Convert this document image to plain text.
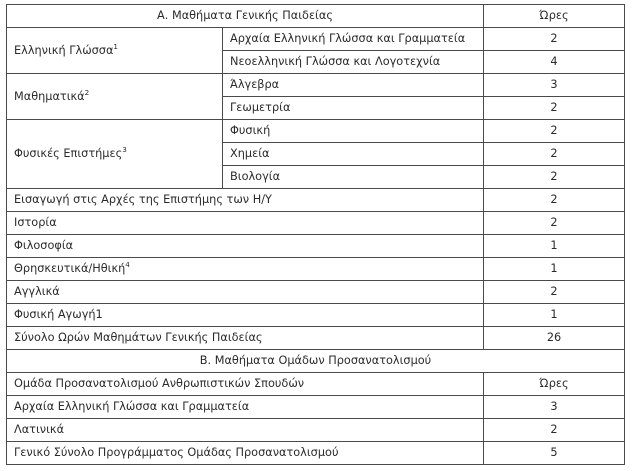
Α. Μαθήματα Γενικής Παιδείας		Ώρες
Ελληνική Γλώσσα$^1$	Αρχαία Ελληνική Γλώσσα και Γραμματεία	2
	Νεοελληνική Γλώσσα και Λογοτεχνία	4
Μαθηματικά$^2$	Άλγεβρα	3
	Γεωμετρία	2
Φυσικές Επιστήμες$^3$	Φυσική	2
	Χημεία	2
	Βιολογία	2
Εισαγωγή στις Αρχές της Επιστήμης των Η/Υ		2
Ιστορία		2
Φιλοσοφία		1
Θρησκευτικά/Ηθική$^4$		1
Αγγλικά		2
Φυσική Αγωγή1		1
Σύνολο Ωρών Μαθημάτων Γενικής Παιδείας		26
Β. Μαθήματα Ομάδων Προσανατολισμού		
Ομάδα Προσανατολισμού Ανθρωπιστικών Σπουδών		Ώρες
Αρχαία Ελληνική Γλώσσα και Γραμματεία		3
Λατινικά		2
Γενικό Σύνολο Προγράμματος Ομάδας Προσανατολισμού		5
